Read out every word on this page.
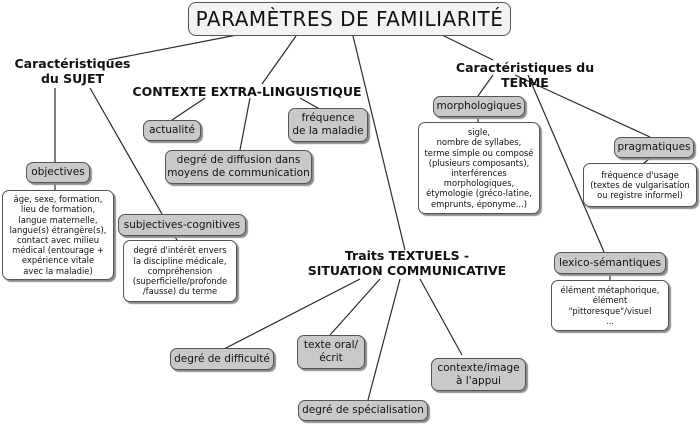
PARAMÈTRES DE FAMILIARITÉ
Caractéristiques
du SUJET
objectives
âge, sexe, formation,
lieu de formation,
langue maternelle,
langue(s) étrangère(s),
contact avec milieu
médical (entourage +
expérience vitale
avec la maladie)
subjectives-cognitives
degré d'intérêt envers
la discipline médicale,
compréhension
(superficielle/profonde
/fausse) du terme
CONTEXTE EXTRA-LINGUISTIQUE
actualité
degré de diffusion dans
moyens de communication
fréquence
de la maladie
Caractéristiques du TERME
morphologiques
sigle,
nombre de syllabes,
terme simple ou composé
(plusieurs composants),
interférences
morphologiques,
étymologie (gréco-latine,
emprunts, éponyme...)
pragmatiques
fréquence d'usage
(textes de vulgarisation
ou registre informel)
lexico-sémantiques
élément métaphorique,
élément
"pittoresque"/visuel
...
Traits TEXTUELS -
SITUATION COMMUNICATIVE
degré de difficulté
texte oral/
écrit
degré de spécialisation
contexte/image
à l'appui
